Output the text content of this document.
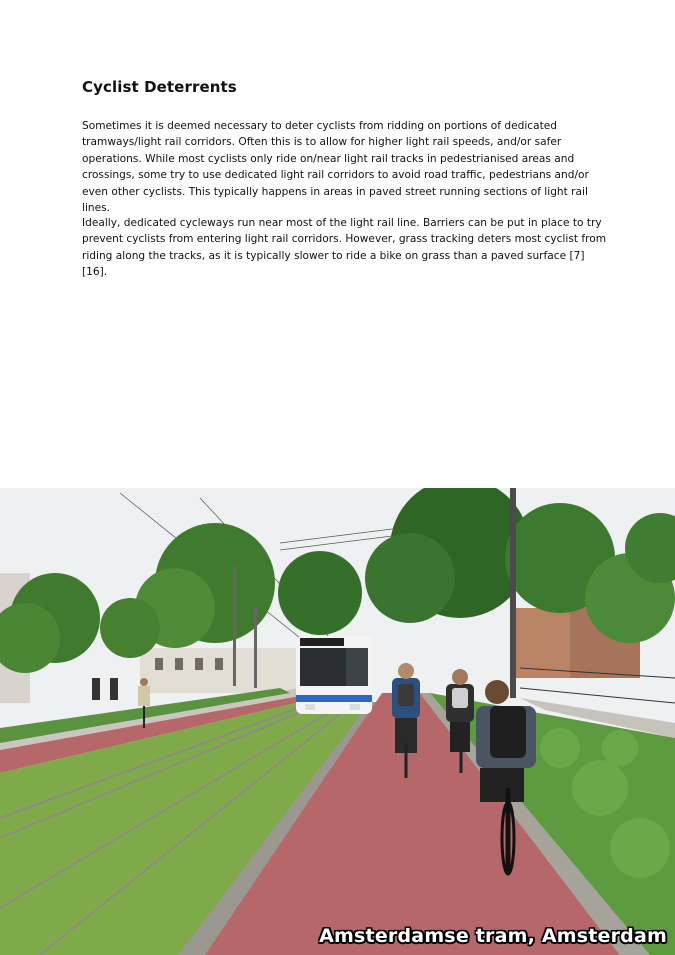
Cyclist Deterrents

Sometimes it is deemed necessary to deter cyclists from ridding on portions of dedicated tramways/light rail corridors. Often this is to allow for higher light rail speeds, and/or safer operations. While most cyclists only ride on/near light rail tracks in pedestrianised areas and crossings, some try to use dedicated light rail corridors to avoid road traffic, pedestrians and/or even other cyclists. This typically happens in areas in paved street running sections of light rail lines.

Ideally, dedicated cycleways run near most of the light rail line. Barriers can be put in place to try prevent cyclists from entering light rail corridors. However, grass tracking deters most cyclist from riding along the tracks, as it is typically slower to ride a bike on grass than a paved surface [7][16].

Amsterdamse tram, Amsterdam
